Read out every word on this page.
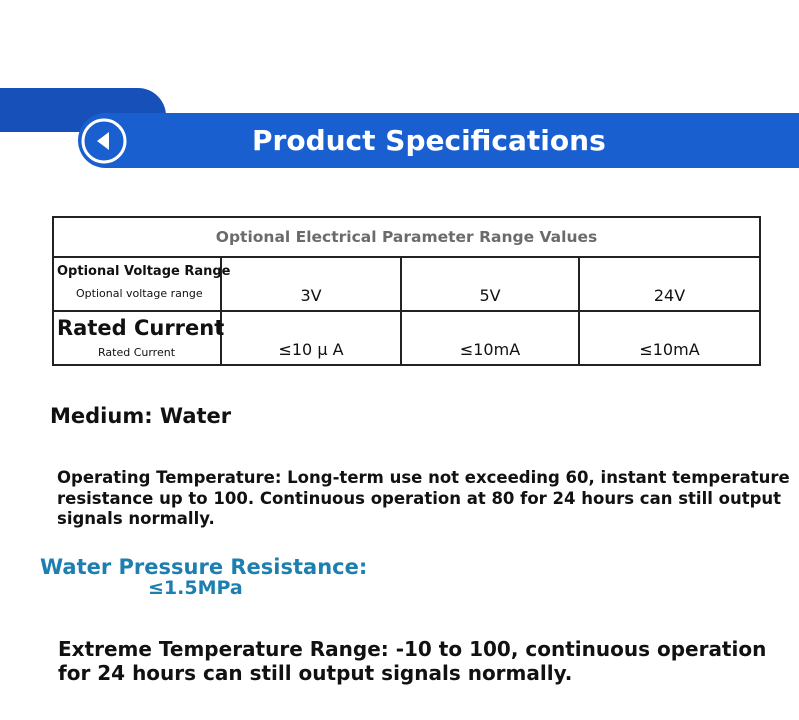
Product Specifications
Optional Electrical Parameter Range Values			

Optional Voltage Range
Optional voltage range	3V	5V	24V

Rated Current
Rated Current	≤10 μ A	≤10mA	≤10mA
Medium: Water
Operating Temperature: Long-term use not exceeding 60, instant temperature resistance up to 100. Continuous operation at 80 for 24 hours can still output signals normally.
Water Pressure Resistance:
≤1.5MPa
Extreme Temperature Range: -10 to 100, continuous operation for 24 hours can still output signals normally.
